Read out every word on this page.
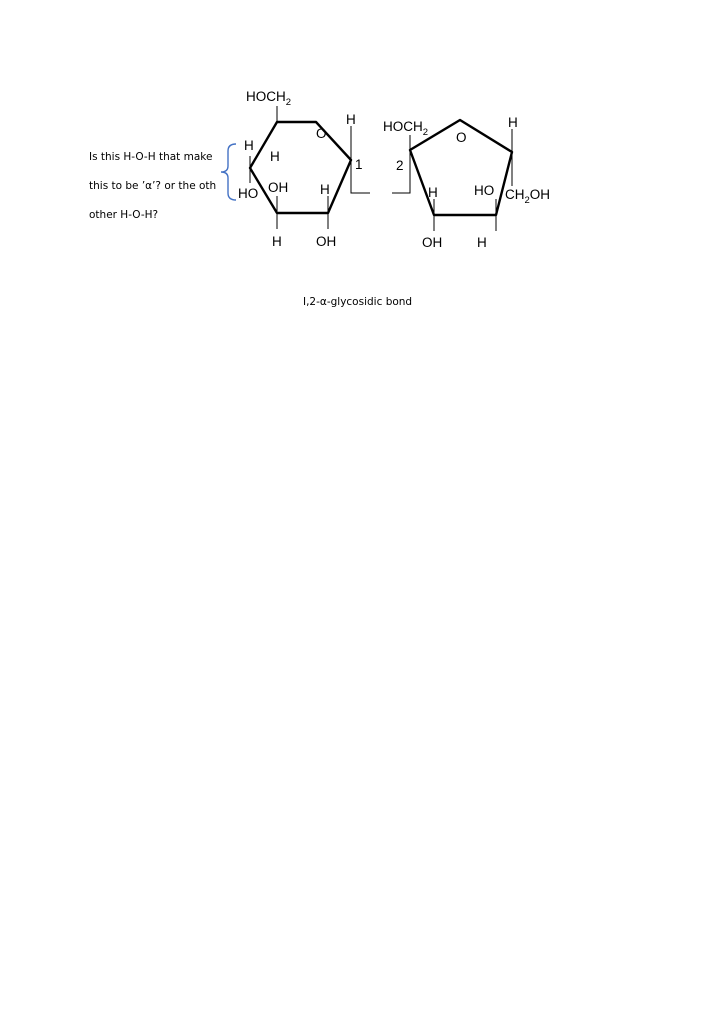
Is this H-O-H that make
this to be ’α’? or the oth
other H-O-H?
$HOCH_2$
O
H
H
H
1
HO OH H
H	OH
$HOCH_2$ O
2
H
H	HO $CH_2OH$
OH	H
I,2-α-glycosidic bond
